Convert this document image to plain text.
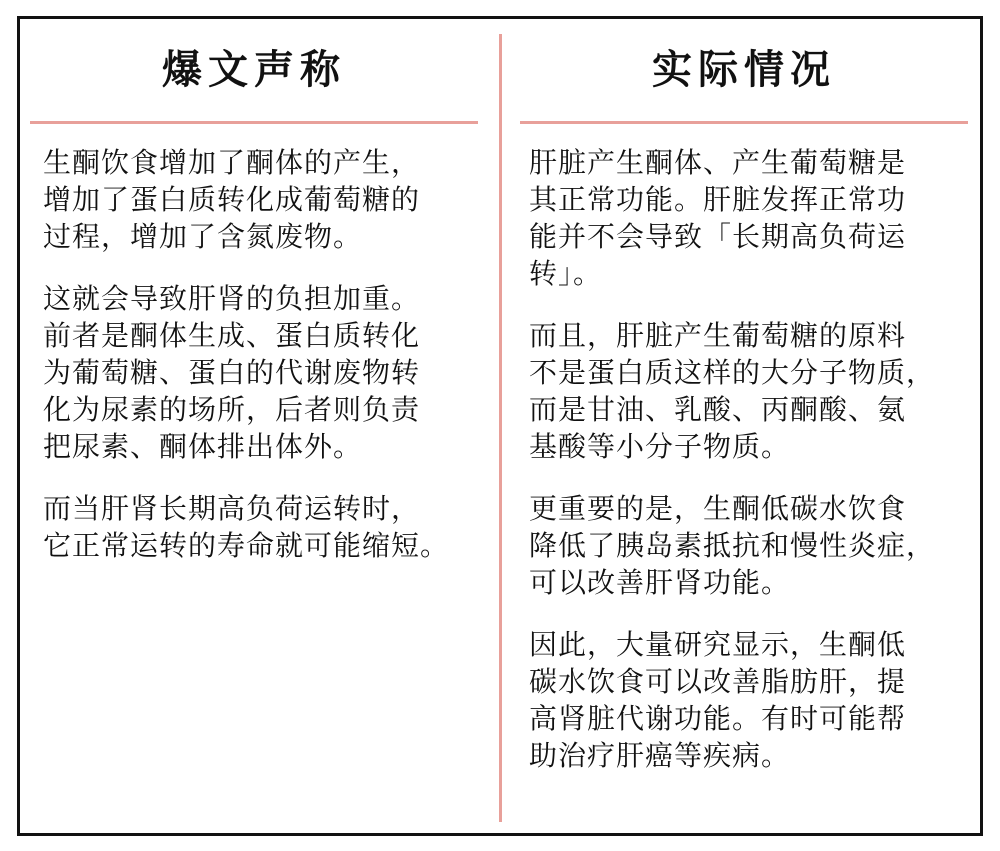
爆文声称	实际情况

生酮饮食增加了酮体的产生，
增加了蛋白质转化成葡萄糖的
过程，增加了含氮废物。

这就会导致肝肾的负担加重。
前者是酮体生成、蛋白质转化
为葡萄糖、蛋白的代谢废物转
化为尿素的场所，后者则负责
把尿素、酮体排出体外。

而当肝肾长期高负荷运转时，
它正常运转的寿命就可能缩短。

肝脏产生酮体、产生葡萄糖是
其正常功能。肝脏发挥正常功
能并不会导致「长期高负荷运
转」。

而且，肝脏产生葡萄糖的原料
不是蛋白质这样的大分子物质，
而是甘油、乳酸、丙酮酸、氨
基酸等小分子物质。

更重要的是，生酮低碳水饮食
降低了胰岛素抵抗和慢性炎症，
可以改善肝肾功能。

因此，大量研究显示，生酮低
碳水饮食可以改善脂肪肝，提
高肾脏代谢功能。有时可能帮
助治疗肝癌等疾病。
